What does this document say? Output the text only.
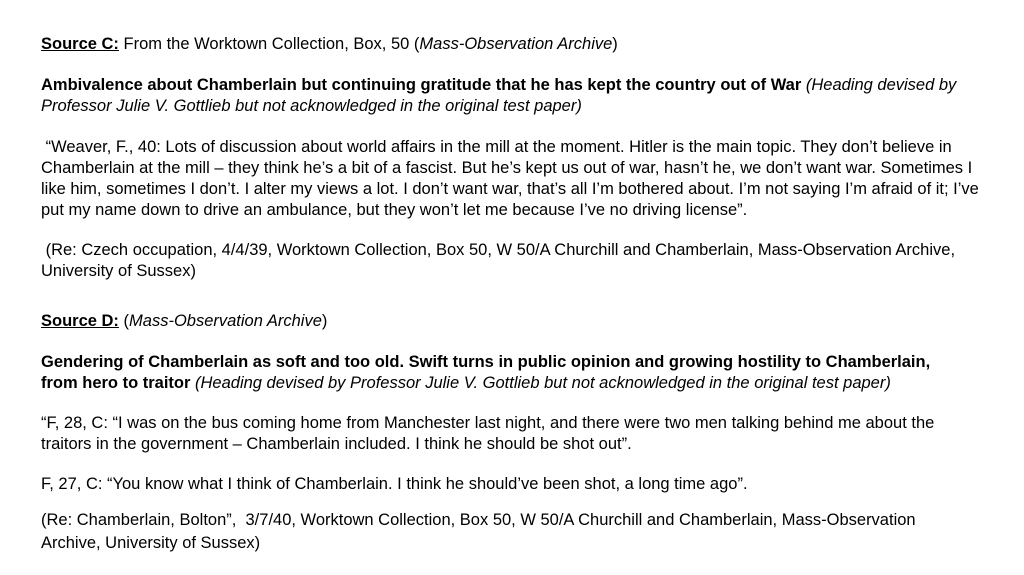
Source C: From the Worktown Collection, Box, 50 (Mass-Observation Archive)
Ambivalence about Chamberlain but continuing gratitude that he has kept the country out of War (Heading devised by
Professor Julie V. Gottlieb but not acknowledged in the original test paper)
“Weaver, F., 40: Lots of discussion about world affairs in the mill at the moment. Hitler is the main topic. They don’t believe in
Chamberlain at the mill – they think he’s a bit of a fascist. But he’s kept us out of war, hasn’t he, we don’t want war. Sometimes I
like him, sometimes I don’t. I alter my views a lot. I don’t want war, that’s all I’m bothered about. I’m not saying I’m afraid of it; I’ve
put my name down to drive an ambulance, but they won’t let me because I’ve no driving license”.
(Re: Czech occupation, 4/4/39, Worktown Collection, Box 50, W 50/A Churchill and Chamberlain, Mass-Observation Archive,
University of Sussex)
Source D: (Mass-Observation Archive)
Gendering of Chamberlain as soft and too old. Swift turns in public opinion and growing hostility to Chamberlain,
from hero to traitor (Heading devised by Professor Julie V. Gottlieb but not acknowledged in the original test paper)
“F, 28, C: “I was on the bus coming home from Manchester last night, and there were two men talking behind me about the
traitors in the government – Chamberlain included. I think he should be shot out”.
F, 27, C: “You know what I think of Chamberlain. I think he should’ve been shot, a long time ago”.
(Re: Chamberlain, Bolton”,  3/7/40, Worktown Collection, Box 50, W 50/A Churchill and Chamberlain, Mass-Observation
Archive, University of Sussex)
